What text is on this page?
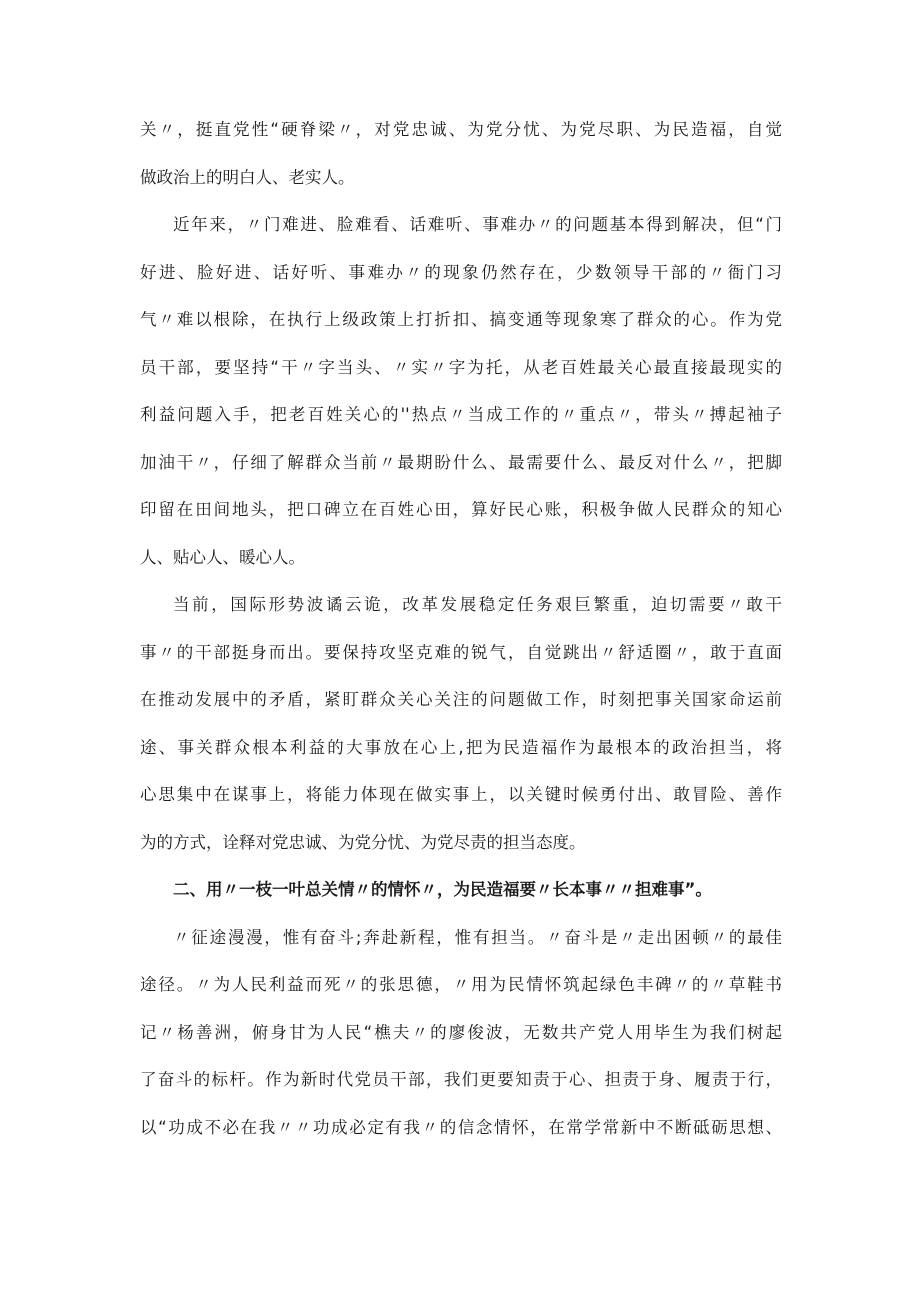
关〃，挺直党性“硬脊梁〃，对党忠诚、为党分忧、为党尽职、为民造福，自觉
做政治上的明白人、老实人。
近年来，〃门难进、脸难看、话难听、事难办〃的问题基本得到解决，但“门
好进、脸好进、话好听、事难办〃的现象仍然存在，少数领导干部的〃衙门习
气〃难以根除，在执行上级政策上打折扣、搞变通等现象寒了群众的心。作为党
员干部，要坚持“干〃字当头、〃实〃字为托，从老百姓最关心最直接最现实的
利益问题入手，把老百姓关心的''热点〃当成工作的〃重点〃，带头〃搏起袖子
加油干〃，仔细了解群众当前〃最期盼什么、最需要什么、最反对什么〃，把脚
印留在田间地头，把口碑立在百姓心田，算好民心账，积极争做人民群众的知心
人、贴心人、暖心人。
当前，国际形势波谲云诡，改革发展稳定任务艰巨繁重，迫切需要〃敢干
事〃的干部挺身而出。要保持攻坚克难的锐气，自觉跳出〃舒适圈〃，敢于直面
在推动发展中的矛盾，紧盯群众关心关注的问题做工作，时刻把事关国家命运前
途、事关群众根本利益的大事放在心上,把为民造福作为最根本的政治担当，将
心思集中在谋事上，将能力体现在做实事上，以关键时候勇付出、敢冒险、善作
为的方式，诠释对党忠诚、为党分忧、为党尽责的担当态度。
二、用〃一枝一叶总关情〃的情怀〃，为民造福要〃长本事〃〃担难事”。
〃征途漫漫，惟有奋斗;奔赴新程，惟有担当。〃奋斗是〃走出困顿〃的最佳
途径。〃为人民利益而死〃的张思德，〃用为民情怀筑起绿色丰碑〃的〃草鞋书
记〃杨善洲，俯身甘为人民“樵夫〃的廖俊波，无数共产党人用毕生为我们树起
了奋斗的标杆。作为新时代党员干部，我们更要知责于心、担责于身、履责于行，
以“功成不必在我〃〃功成必定有我〃的信念情怀，在常学常新中不断砥砺思想、
